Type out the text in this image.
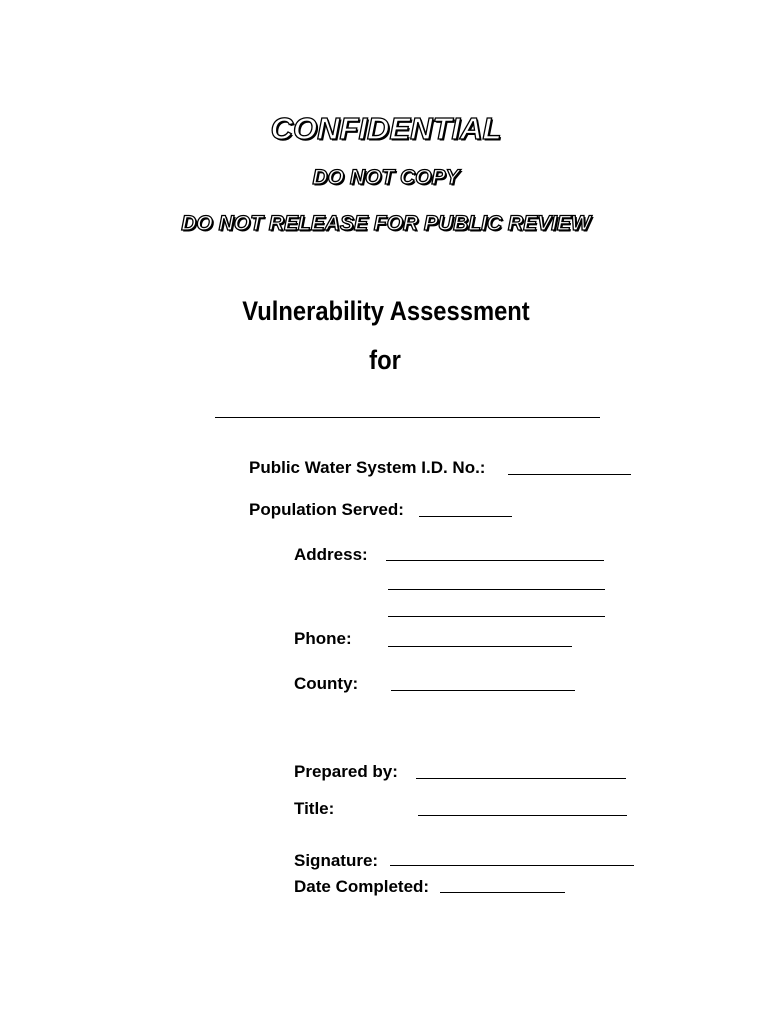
CONFIDENTIAL
DO NOT COPY
DO NOT RELEASE FOR PUBLIC REVIEW
Vulnerability Assessment
for
Public Water System I.D. No.:
Population Served:
Address:
Phone:
County:
Prepared by:
Title:
Signature:
Date Completed:
